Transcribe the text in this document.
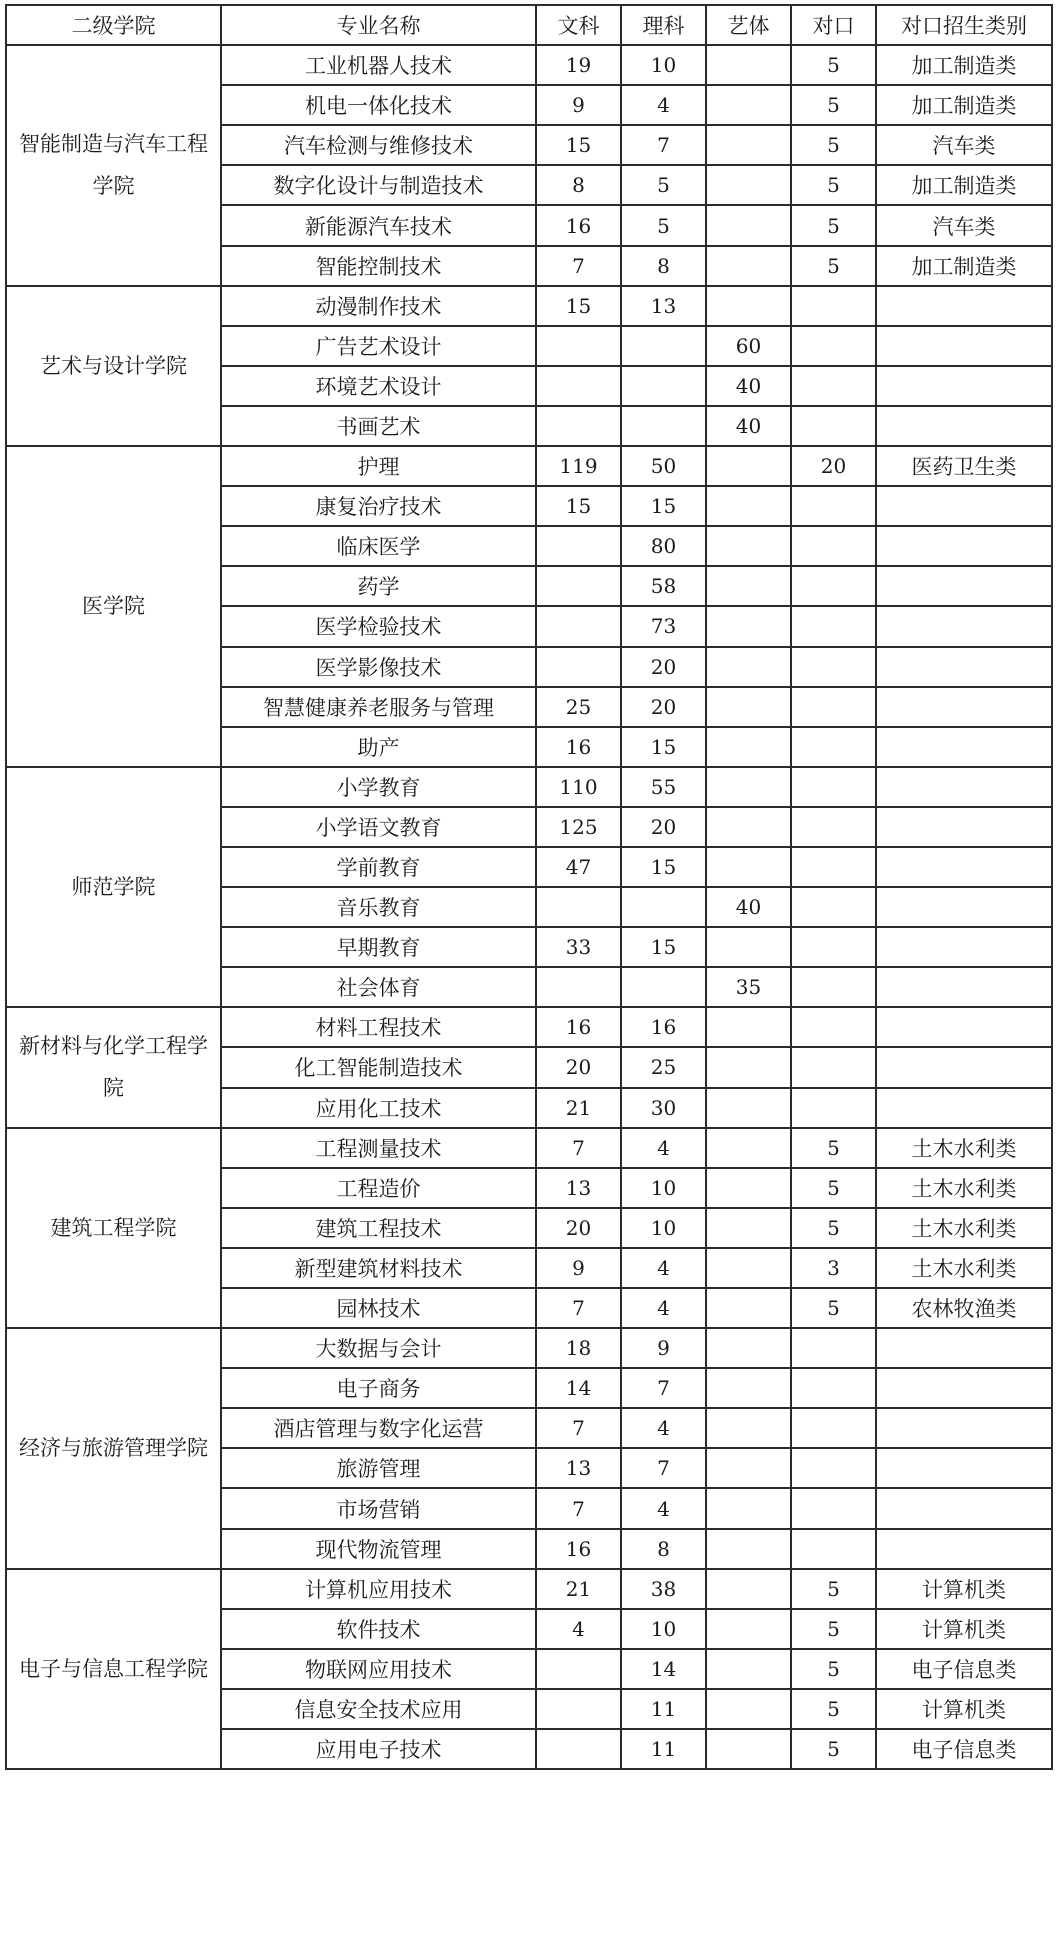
二级学院	专业名称	文科	理科	艺体	对口	对口招生类别
智能制造与汽车工程学院	工业机器人技术	19	10		5	加工制造类
	机电一体化技术	9	4		5	加工制造类
	汽车检测与维修技术	15	7		5	汽车类
	数字化设计与制造技术	8	5		5	加工制造类
	新能源汽车技术	16	5		5	汽车类
	智能控制技术	7	8		5	加工制造类
艺术与设计学院	动漫制作技术	15	13			
	广告艺术设计			60		
	环境艺术设计			40		
	书画艺术			40		
医学院	护理	119	50		20	医药卫生类
	康复治疗技术	15	15			
	临床医学		80			
	药学		58			
	医学检验技术		73			
	医学影像技术		20			
	智慧健康养老服务与管理	25	20			
	助产	16	15			
师范学院	小学教育	110	55			
	小学语文教育	125	20			
	学前教育	47	15			
	音乐教育			40		
	早期教育	33	15			
	社会体育			35		
新材料与化学工程学院	材料工程技术	16	16			
	化工智能制造技术	20	25			
	应用化工技术	21	30			
建筑工程学院	工程测量技术	7	4		5	土木水利类
	工程造价	13	10		5	土木水利类
	建筑工程技术	20	10		5	土木水利类
	新型建筑材料技术	9	4		3	土木水利类
	园林技术	7	4		5	农林牧渔类
经济与旅游管理学院	大数据与会计	18	9			
	电子商务	14	7			
	酒店管理与数字化运营	7	4			
	旅游管理	13	7			
	市场营销	7	4			
	现代物流管理	16	8			
电子与信息工程学院	计算机应用技术	21	38		5	计算机类
	软件技术	4	10		5	计算机类
	物联网应用技术		14		5	电子信息类
	信息安全技术应用		11		5	计算机类
	应用电子技术		11		5	电子信息类
